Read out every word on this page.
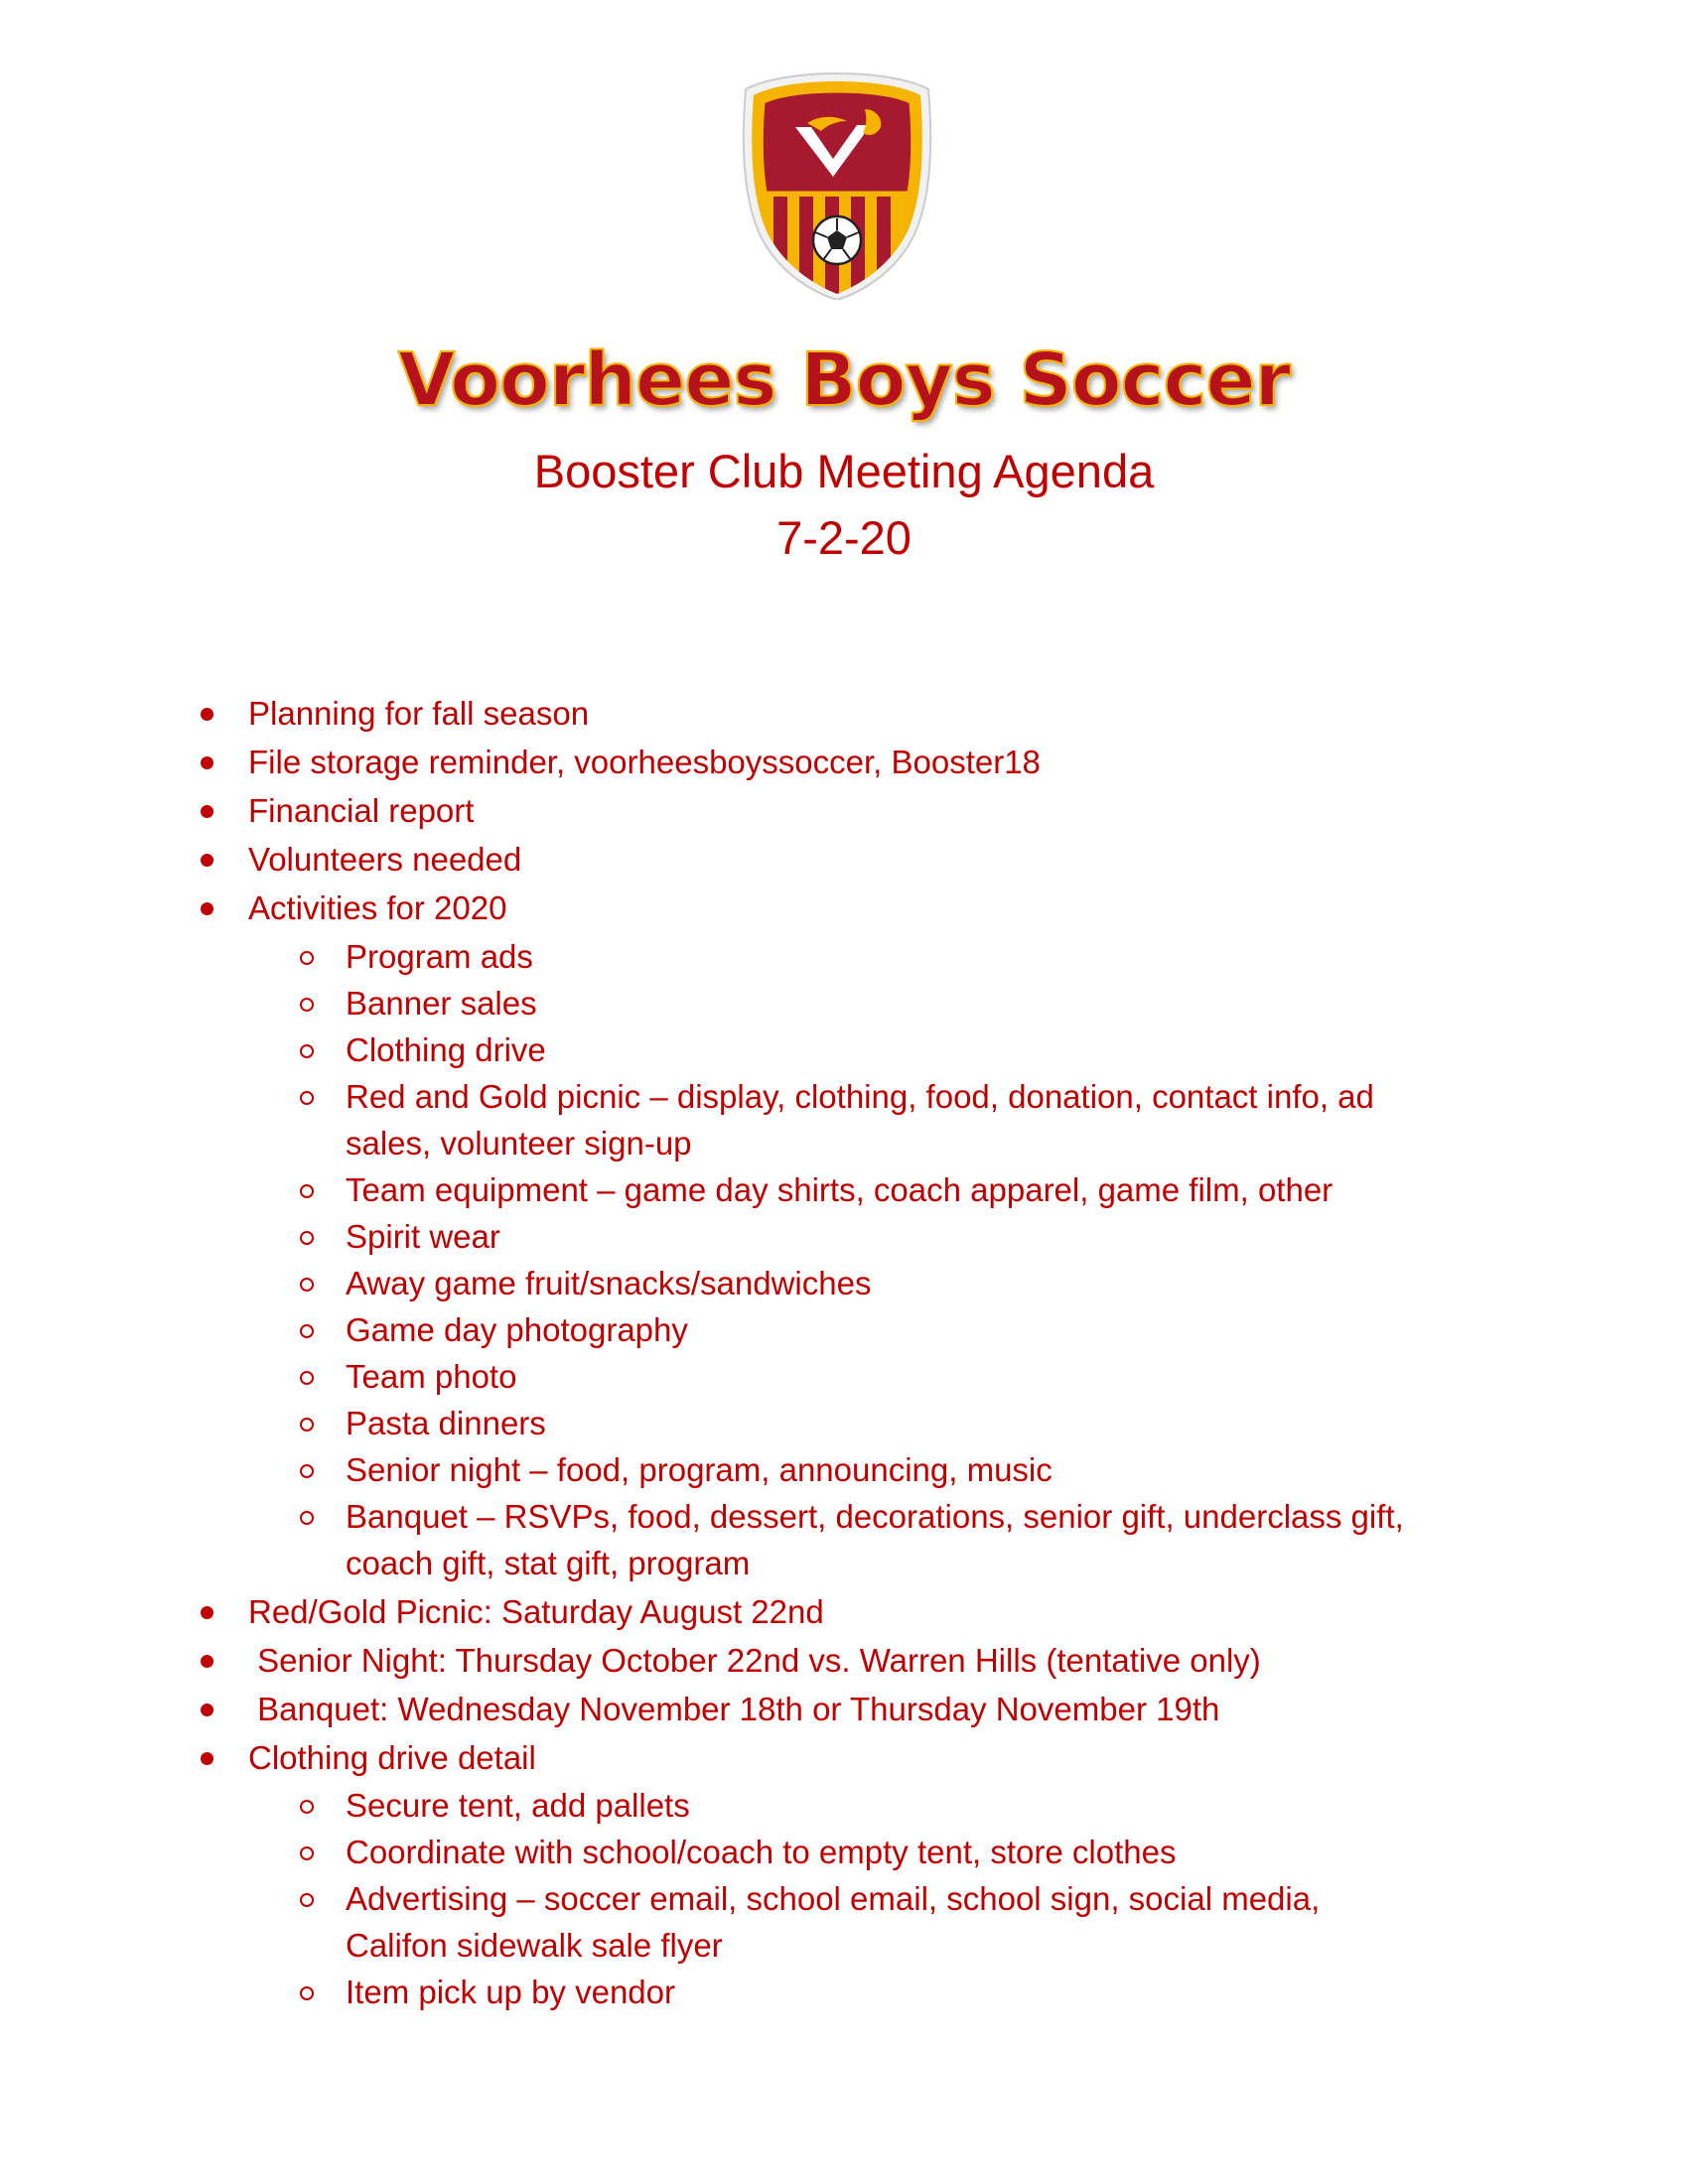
Voorhees Boys Soccer
Booster Club Meeting Agenda
7-2-20
Planning for fall season
File storage reminder, voorheesboyssoccer, Booster18
Financial report
Volunteers needed
Activities for 2020
Program ads
Banner sales
Clothing drive
Red and Gold picnic – display, clothing, food, donation, contact info, ad
sales, volunteer sign-up
Team equipment – game day shirts, coach apparel, game film, other
Spirit wear
Away game fruit/snacks/sandwiches
Game day photography
Team photo
Pasta dinners
Senior night – food, program, announcing, music
Banquet – RSVPs, food, dessert, decorations, senior gift, underclass gift,
coach gift, stat gift, program
Red/Gold Picnic: Saturday August 22nd
Senior Night: Thursday October 22nd vs. Warren Hills (tentative only)
Banquet: Wednesday November 18th or Thursday November 19th
Clothing drive detail
Secure tent, add pallets
Coordinate with school/coach to empty tent, store clothes
Advertising – soccer email, school email, school sign, social media,
Califon sidewalk sale flyer
Item pick up by vendor
